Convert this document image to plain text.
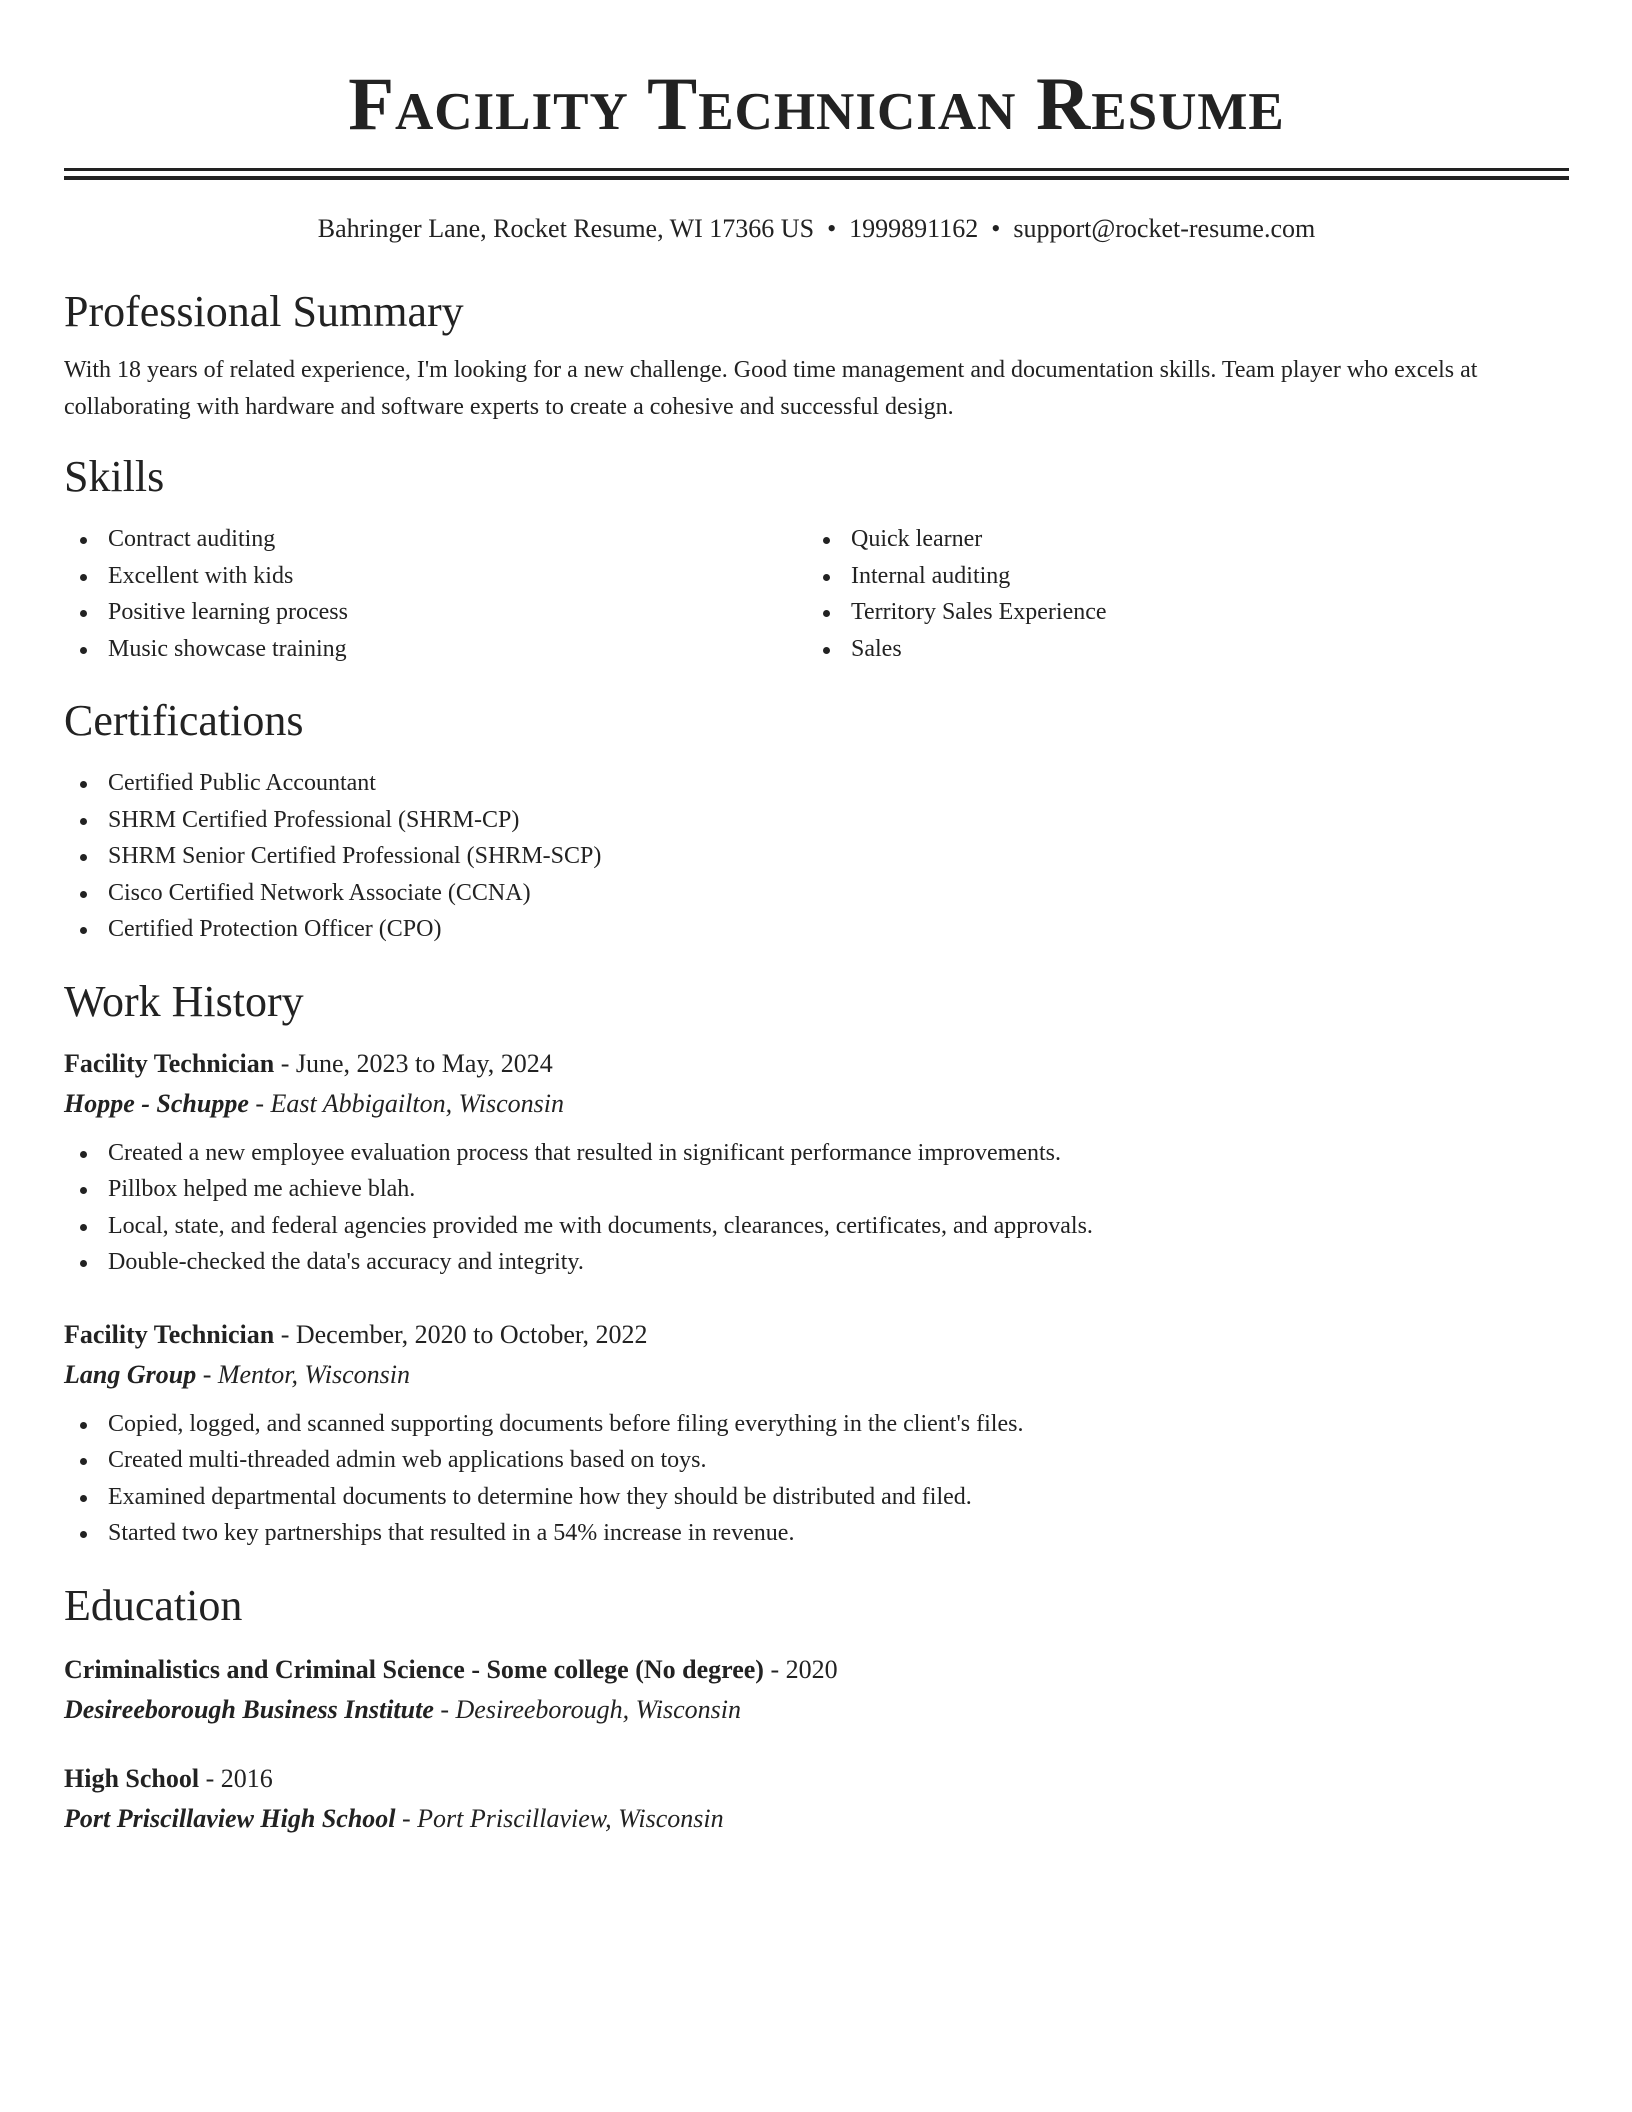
Facility Technician Resume
Bahringer Lane, Rocket Resume, WI 17366 US • 1999891162 • support@rocket-resume.com
Professional Summary

With 18 years of related experience, I'm looking for a new challenge. Good time management and documentation skills. Team player who excels at collaborating with hardware and software experts to create a cohesive and successful design.

Skills
Contract auditing
Excellent with kids
Positive learning process
Music showcase training
Quick learner
Internal auditing
Territory Sales Experience
Sales
Certifications
Certified Public Accountant
SHRM Certified Professional (SHRM-CP)
SHRM Senior Certified Professional (SHRM-SCP)
Cisco Certified Network Associate (CCNA)
Certified Protection Officer (CPO)
Work History
Facility Technician - June, 2023 to May, 2024
Hoppe - Schuppe - East Abbigailton, Wisconsin
Created a new employee evaluation process that resulted in significant performance improvements.
Pillbox helped me achieve blah.
Local, state, and federal agencies provided me with documents, clearances, certificates, and approvals.
Double-checked the data's accuracy and integrity.
Facility Technician - December, 2020 to October, 2022
Lang Group - Mentor, Wisconsin
Copied, logged, and scanned supporting documents before filing everything in the client's files.
Created multi-threaded admin web applications based on toys.
Examined departmental documents to determine how they should be distributed and filed.
Started two key partnerships that resulted in a 54% increase in revenue.
Education
Criminalistics and Criminal Science - Some college (No degree) - 2020
Desireeborough Business Institute - Desireeborough, Wisconsin
High School - 2016
Port Priscillaview High School - Port Priscillaview, Wisconsin
